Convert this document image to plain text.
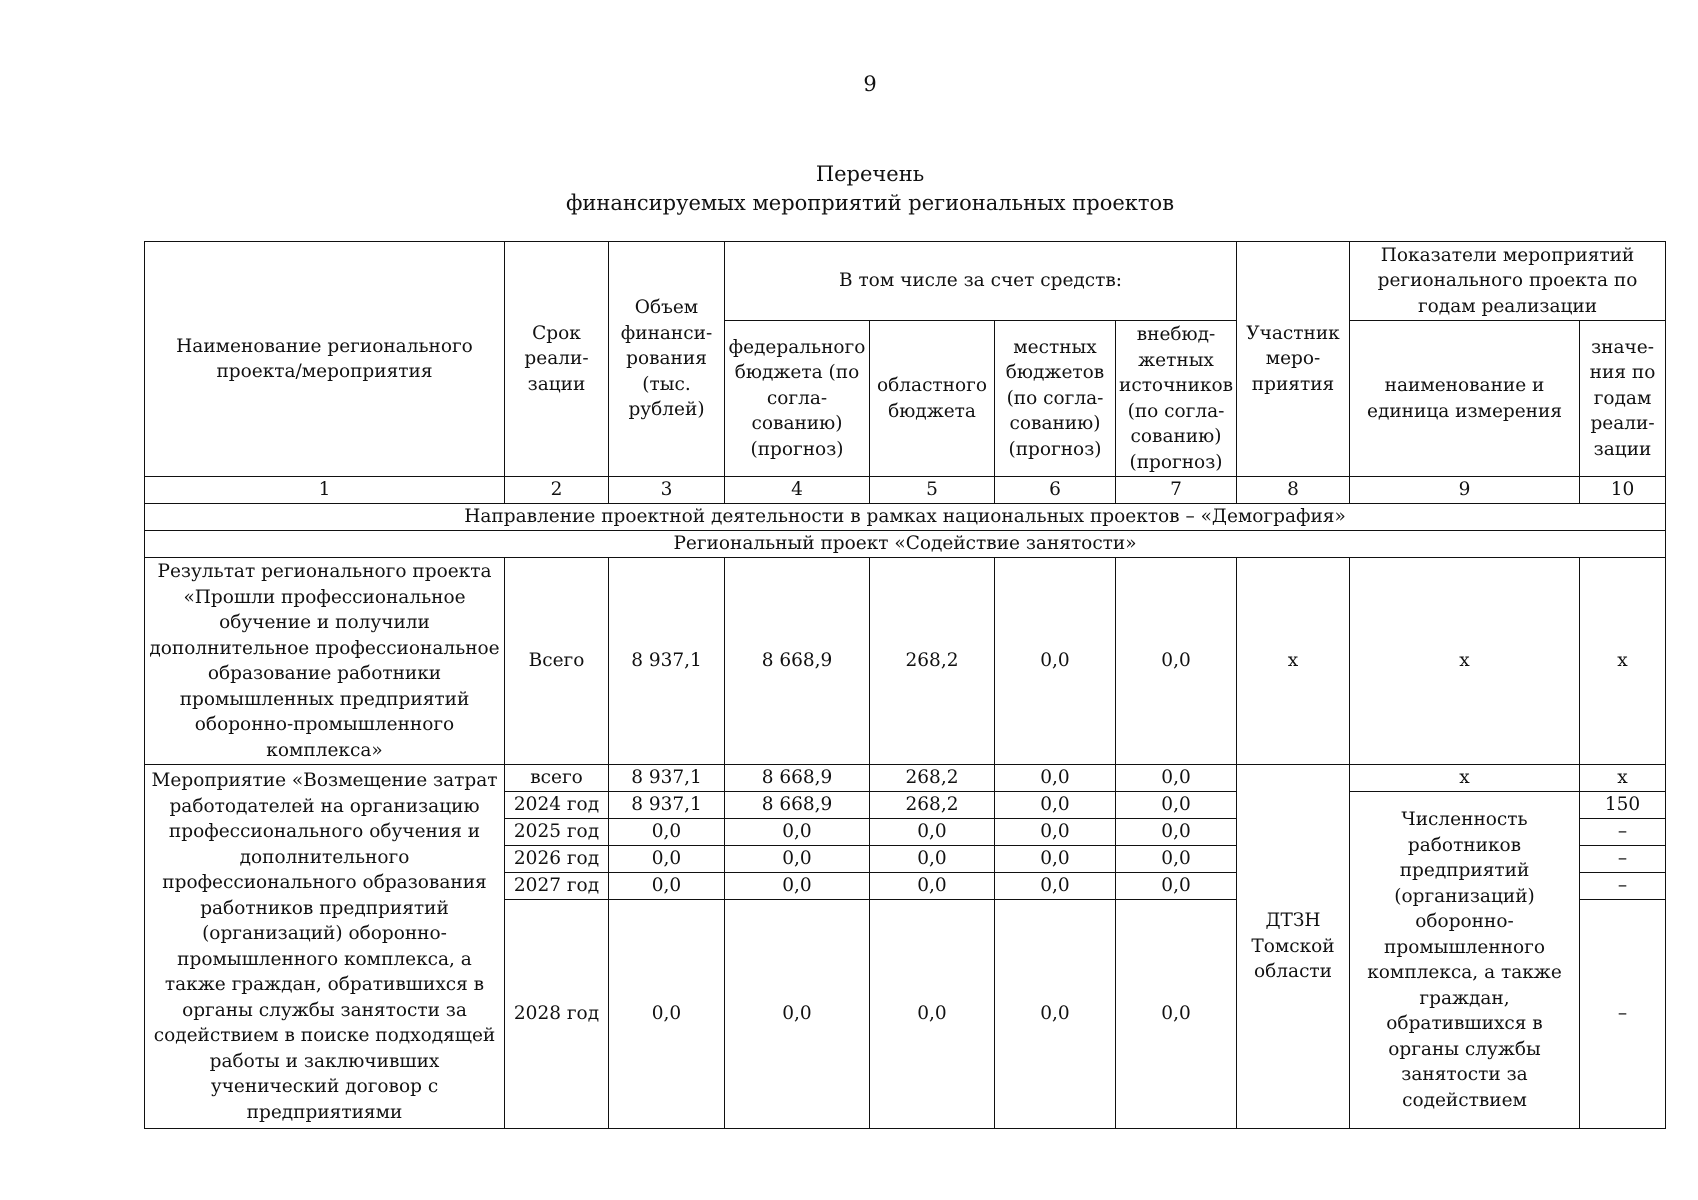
9
Перечень
финансируемых мероприятий региональных проектов
Наименование регионального проекта/мероприятия	Срок реали-зации	Объем финанси-рования (тыс. рублей)	В том числе за счет средств:				Участник меро-приятия	Показатели мероприятий регионального проекта по годам реализации	
			федерального бюджета (по согла-сованию) (прогноз)	областного бюджета	местных бюджетов (по согла-сованию) (прогноз)	внебюд-жетных источников (по согла-сованию) (прогноз)		наименование и единица измерения	значе-ния по годам реали-зации
1	2	3	4	5	6	7	8	9	10
Направление проектной деятельности в рамках национальных проектов – «Демография»									
Региональный проект «Содействие занятости»									
Результат регионального проекта «Прошли профессиональное обучение и получили дополнительное профессиональное образование работники промышленных предприятий оборонно-промышленного комплекса»	Всего	8 937,1	8 668,9	268,2	0,0	0,0	х	х	х
Мероприятие «Возмещение затрат работодателей на организацию профессионального обучения и дополнительного профессионального образования работников предприятий (организаций) оборонно-промышленного комплекса, а также граждан, обратившихся в органы службы занятости за содействием в поиске подходящей работы и заключивших ученический договор с предприятиями	всего	8 937,1	8 668,9	268,2	0,0	0,0	ДТЗН Томской области	х	х
	2024 год	8 937,1	8 668,9	268,2	0,0	0,0		Численность работников предприятий (организаций) оборонно-промышленного комплекса, а также граждан, обратившихся в органы службы занятости за содействием	150
	2025 год	0,0	0,0	0,0	0,0	0,0			–
	2026 год	0,0	0,0	0,0	0,0	0,0			–
	2027 год	0,0	0,0	0,0	0,0	0,0			–
	2028 год	0,0	0,0	0,0	0,0	0,0			–
